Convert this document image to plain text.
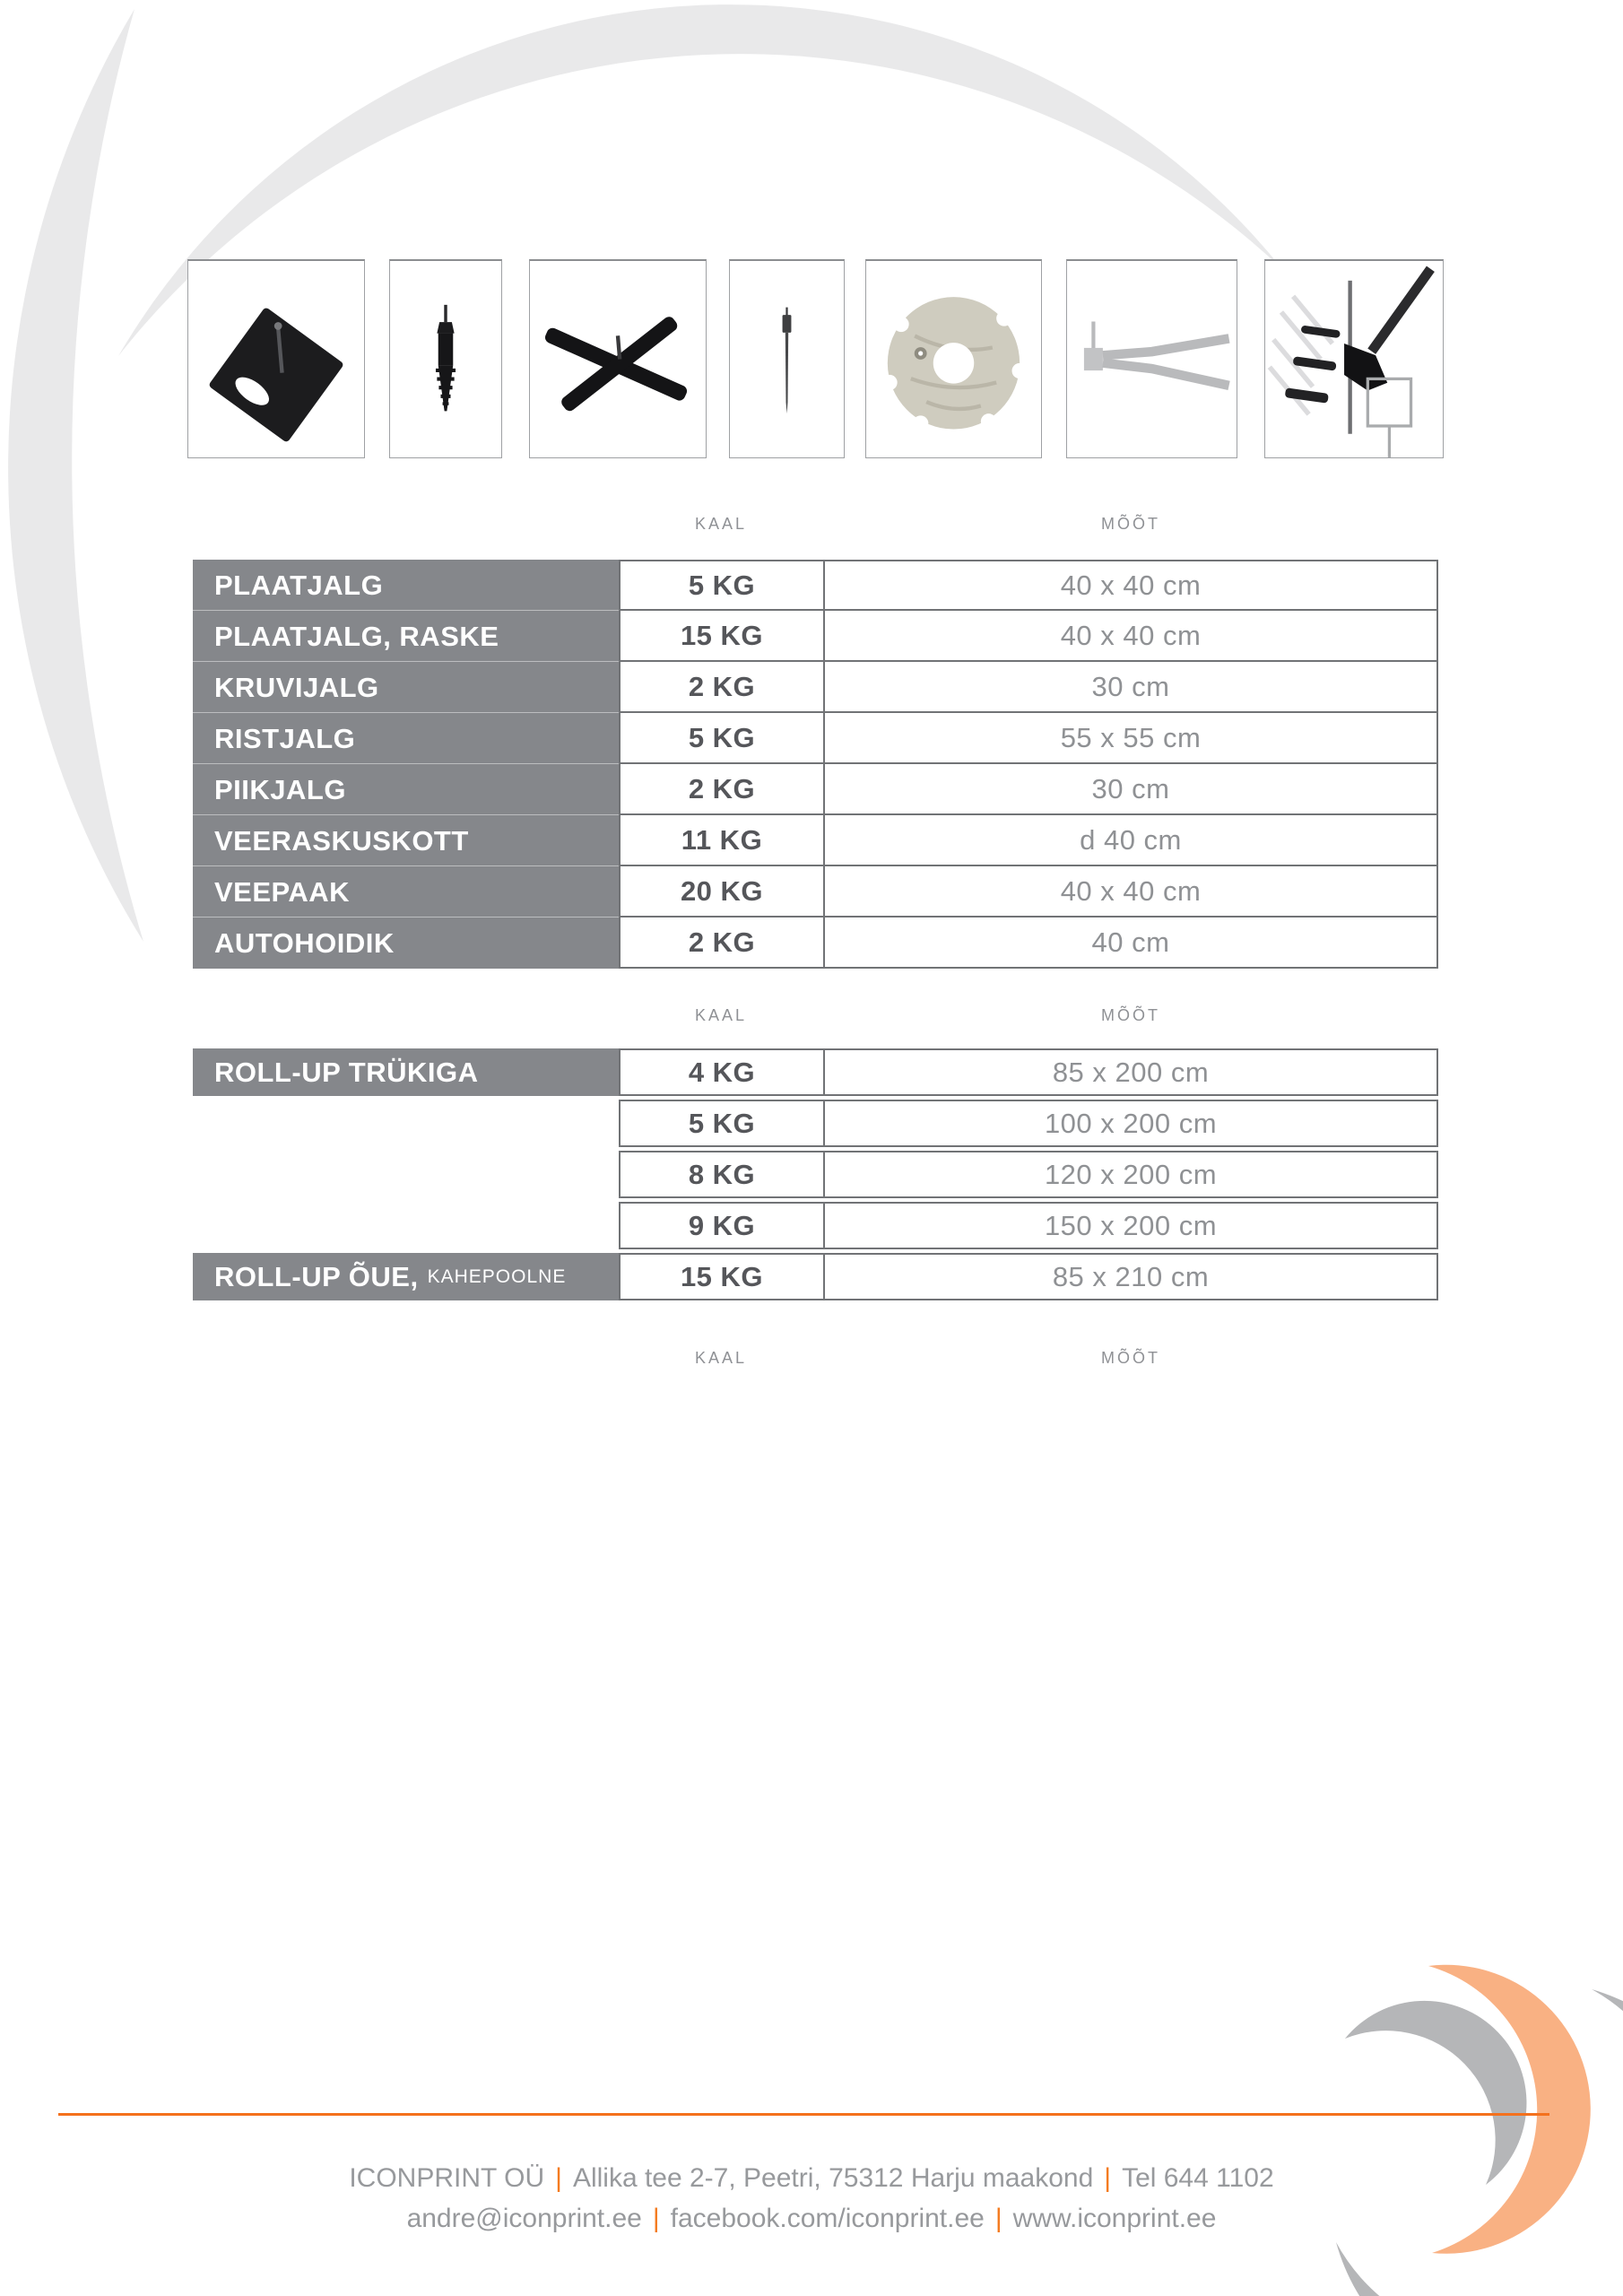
KAAL	MÕÕT
KAAL	MÕÕT
KAAL	MÕÕT
PLAATJALG	5 KG	40 x 40 cm
PLAATJALG, RASKE	15 KG	40 x 40 cm
KRUVIJALG	2 KG	30 cm
RISTJALG	5 KG	55 x 55 cm
PIIKJALG	2 KG	30 cm
VEERASKUSKOTT	11 KG	d 40 cm
VEEPAAK	20 KG	40 x 40 cm
AUTOHOIDIK	2 KG	40 cm
ROLL-UP TRÜKIGA	4 KG	85 x 200 cm
5 KG	100 x 200 cm
8 KG	120 x 200 cm
9 KG	150 x 200 cm
ROLL-UP ÕUE, KAHEPOOLNE	15 KG	85 x 210 cm
ICONPRINT OÜ | Allika tee 2-7, Peetri, 75312 Harju maakond | Tel 644 1102
andre@iconprint.ee | facebook.com/iconprint.ee | www.iconprint.ee
